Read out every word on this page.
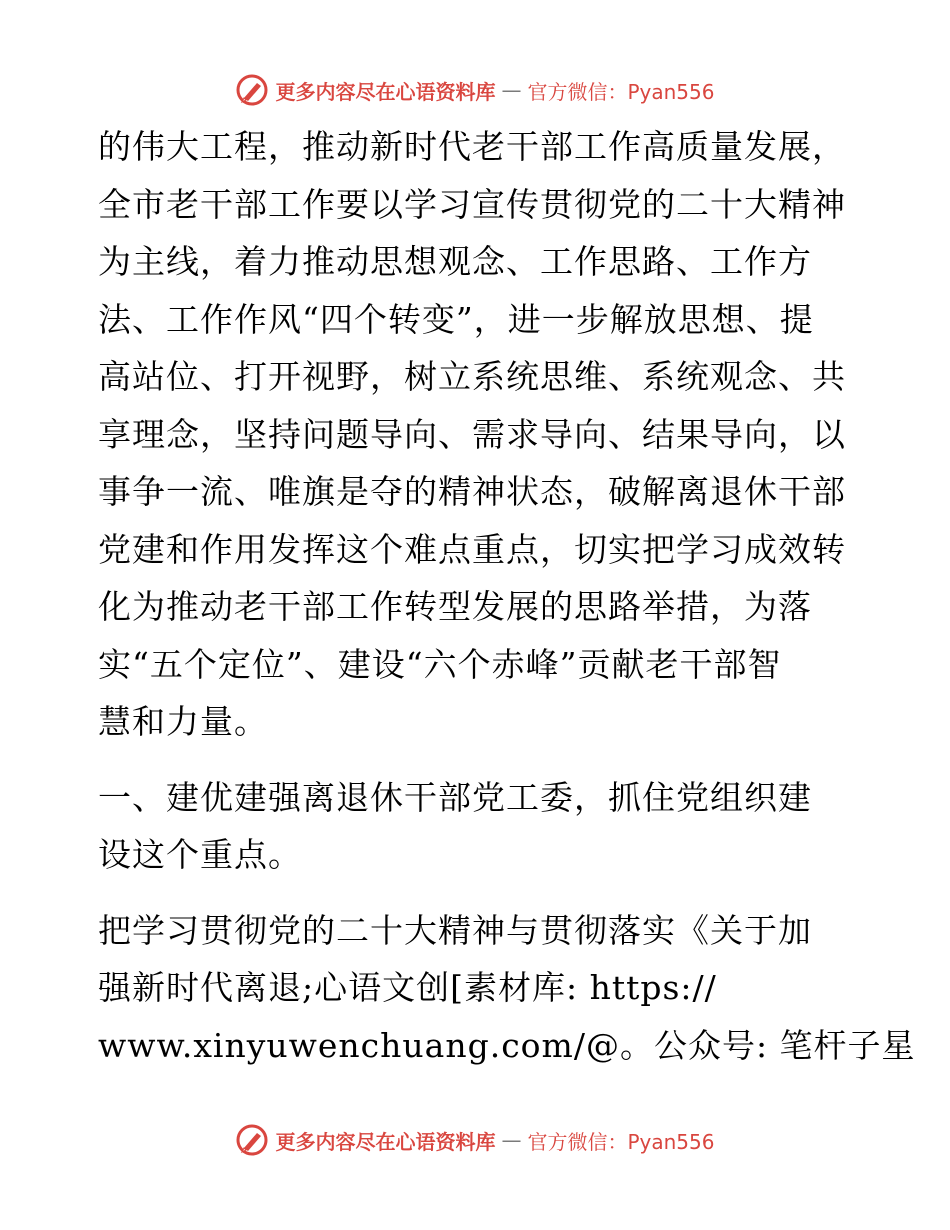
更多内容尽在心语资料库 — 官方微信：Pyan556
的伟大工程，推动新时代老干部工作高质量发展，
全市老干部工作要以学习宣传贯彻党的二十大精神
为主线，着力推动思想观念、工作思路、工作方
法、工作作风“四个转变”，进一步解放思想、提
高站位、打开视野，树立系统思维、系统观念、共
享理念，坚持问题导向、需求导向、结果导向，以
事争一流、唯旗是夺的精神状态，破解离退休干部
党建和作用发挥这个难点重点，切实把学习成效转
化为推动老干部工作转型发展的思路举措，为落
实“五个定位”、建设“六个赤峰”贡献老干部智
慧和力量。
一、建优建强离退休干部党工委，抓住党组织建
设这个重点。
把学习贯彻党的二十大精神与贯彻落实《关于加
强新时代离退;心语文创[素材库: https://
www.xinyuwenchuang.com/@。公众号: 笔杆子星
更多内容尽在心语资料库 — 官方微信：Pyan556
